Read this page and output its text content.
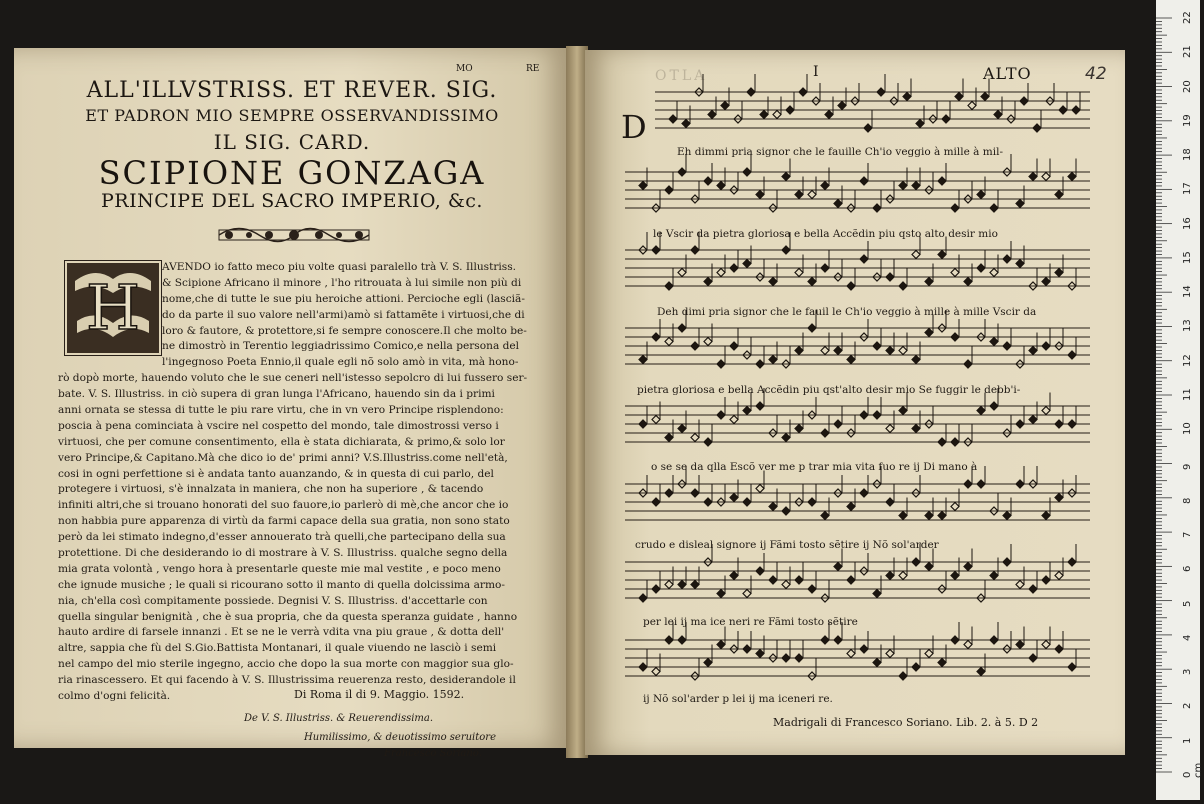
ALL'ILLVSTRISS. ET REVER. SIG.
MO	RE
ET PADRON MIO SEMPRE OSSERVANDISSIMO
IL SIG. CARD.
SCIPIONE GONZAGA
PRINCIPE DEL SACRO IMPERIO, &c.
AVENDO io fatto meco piu volte quasi paralello trà V. S. Illustriss.
& Scipione Africano il minore , l'ho ritrouata à lui simile non più di
nome,che di tutte le sue piu heroiche attioni. Percioche egli (lasciã-
do da parte il suo valore nell'armi)amò si fattamẽte i virtuosi,che di
loro & fautore, & protettore,si fe sempre conoscere.Il che molto be-
ne dimostrò in Terentio leggiadrissimo Comico,e nella persona del
l'ingegnoso Poeta Ennio,il quale egli nõ solo amò in vita, mà hono-
rò dopò morte, hauendo voluto che le sue ceneri nell'istesso sepolcro di lui fussero ser-
bate. V. S. Illustriss. in ciò supera di gran lunga l'Africano, hauendo sin da i primi
anni ornata se stessa di tutte le piu rare virtu, che in vn vero Principe risplendono:
poscia à pena cominciata à vscire nel cospetto del mondo, tale dimostrossi verso i
virtuosi, che per comune consentimento, ella è stata dichiarata, & primo,& solo lor
vero Principe,& Capitano.Mà che dico io de' primi anni? V.S.Illustriss.come nell'età,
cosi in ogni perfettione si è andata tanto auanzando, & in questa di cui parlo, del
protegere i virtuosi, s'è innalzata in maniera, che non ha superiore , & tacendo
infiniti altri,che si trouano honorati del suo fauore,io parlerò di mè,che ancor che io
non habbia pure apparenza di virtù da farmi capace della sua gratia, non sono stato
però da lei stimato indegno,d'esser annouerato trà quelli,che partecipano della sua
protettione. Di che desiderando io di mostrare à V. S. Illustriss. qualche segno della
mia grata volontà , vengo hora à presentarle queste mie mal vestite , e poco meno
che ignude musiche ; le quali si ricourano sotto il manto di quella dolcissima armo-
nia, ch'ella così compitamente possiede. Degnisi V. S. Illustriss. d'accettarle con
quella singular benignità , che è sua propria, che da questa speranza guidate , hanno
hauto ardire di farsele innanzi . Et se ne le verrà vdita vna piu graue , & dotta dell'
altre, sappia che fù del S.Gio.Battista Montanari, il quale viuendo ne lasciò i semi
nel campo del mio sterile ingegno, accio che dopo la sua morte con maggior sua glo-
ria rinascessero. Et qui facendo à V. S. Illustrissima reuerenza resto, desiderandole il
colmo d'ogni felicità.
H
Di Roma il di 9. Maggio. 1592.
De V. S. Illustriss. & Reuerendissima.
Humilissimo, & deuotissimo seruitore
Francesco Soriano.
OTLA	I	ALTO	42
D
Eh dimmi pria signor che le fauille Ch'io veggio à mille à mil-
le Vscir da pietra gloriosa e bella Accẽdin piu qsto alto desir mio
Deh dimi pria signor che le fauil le Ch'io veggio à mille à mille Vscir da
pietra gloriosa e bella Accẽdin piu qst'alto desir mio Se fuggir le debb'i-
o se se da qlla Escõ ver me p trar mia vita fuo re ij Di mano à
crudo e disleal signore ij Fãmi tosto sẽtire ij Nõ sol'arder
per lei ij ma ice neri re Fãmi tosto sẽtire
ij Nõ sol'arder p lei ij ma iceneri re.
Madrigali di Francesco Soriano. Lib. 2. à 5. D 2
22
21
20
19
18
17
16
15
14
13
12
11
10
9
8
7
6
5
4
3
2
1
0 cm
